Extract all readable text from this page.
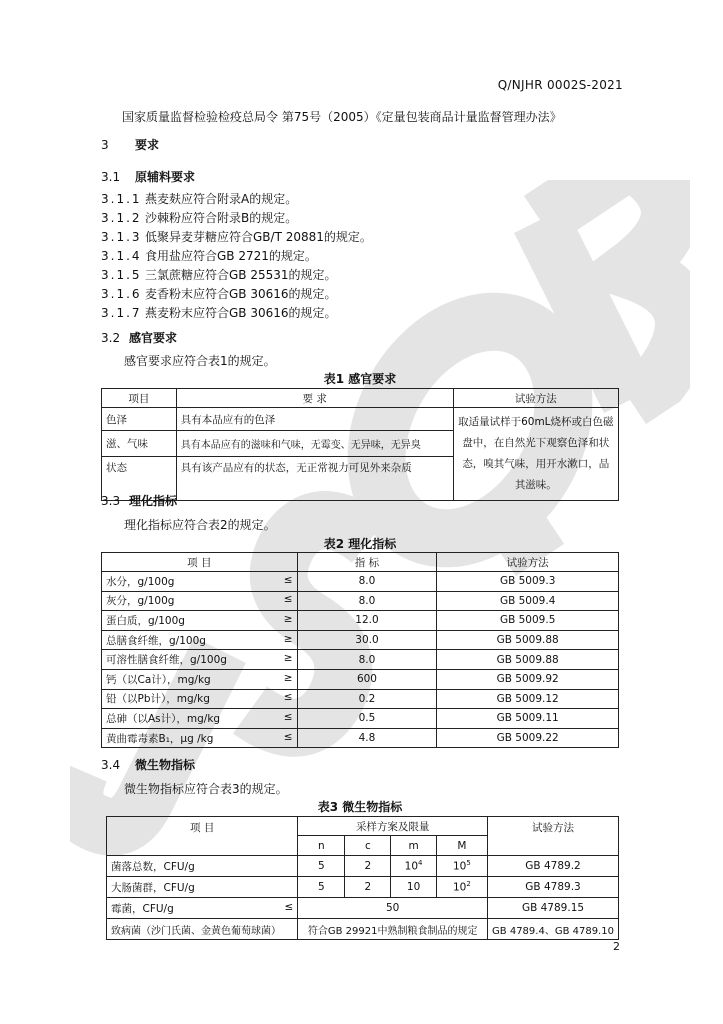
Q/NJHR 0002S-2021
国家质量监督检验检疫总局令 第75号（2005）《定量包装商品计量监督管理办法》
3 要求
3.1 原辅料要求
3.1.1 燕麦麸应符合附录A的规定。
3.1.2 沙棘粉应符合附录B的规定。
3.1.3 低聚异麦芽糖应符合GB/T 20881的规定。
3.1.4 食用盐应符合GB 2721的规定。
3.1.5 三氯蔗糖应符合GB 25531的规定。
3.1.6 麦香粉末应符合GB 30616的规定。
3.1.7 燕麦粉末应符合GB 30616的规定。
3.2 感官要求
感官要求应符合表1的规定。
表1 感官要求
项目	要 求	试验方法
色泽	具有本品应有的色泽	取适量试样于60mL烧杯或白色磁盘中，在自然光下观察色泽和状态，嗅其气味，用开水漱口，品其滋味。
滋、气味	具有本品应有的滋味和气味，无霉变、无异味，无异臭	
状态	具有该产品应有的状态，无正常视力可见外来杂质	
3.3 理化指标
理化指标应符合表2的规定。
表2 理化指标
项 目	指 标	试验方法
水分，g/100g ≤	8.0	GB 5009.3
灰分，g/100g ≤	8.0	GB 5009.4
蛋白质，g/100g ≥	12.0	GB 5009.5
总膳食纤维，g/100g ≥	30.0	GB 5009.88
可溶性膳食纤维，g/100g ≥	8.0	GB 5009.88
钙（以Ca计），mg/kg ≥	600	GB 5009.92
铅（以Pb计），mg/kg ≤	0.2	GB 5009.12
总砷（以As计），mg/kg ≤	0.5	GB 5009.11
黄曲霉毒素B₁，μg /kg ≤	4.8	GB 5009.22
3.4 微生物指标
微生物指标应符合表3的规定。
表3 微生物指标
项 目	采样方案及限量				试验方法
	n	c	m	M	
菌落总数，CFU/g	5	2	$10^4$	$10^5$	GB 4789.2
大肠菌群，CFU/g	5	2	10	$10^2$	GB 4789.3
霉菌，CFU/g ≤	50				GB 4789.15
致病菌（沙门氏菌、金黄色葡萄球菌）	符合GB 29921中熟制粮食制品的规定				GB 4789.4、GB 4789.10
2
